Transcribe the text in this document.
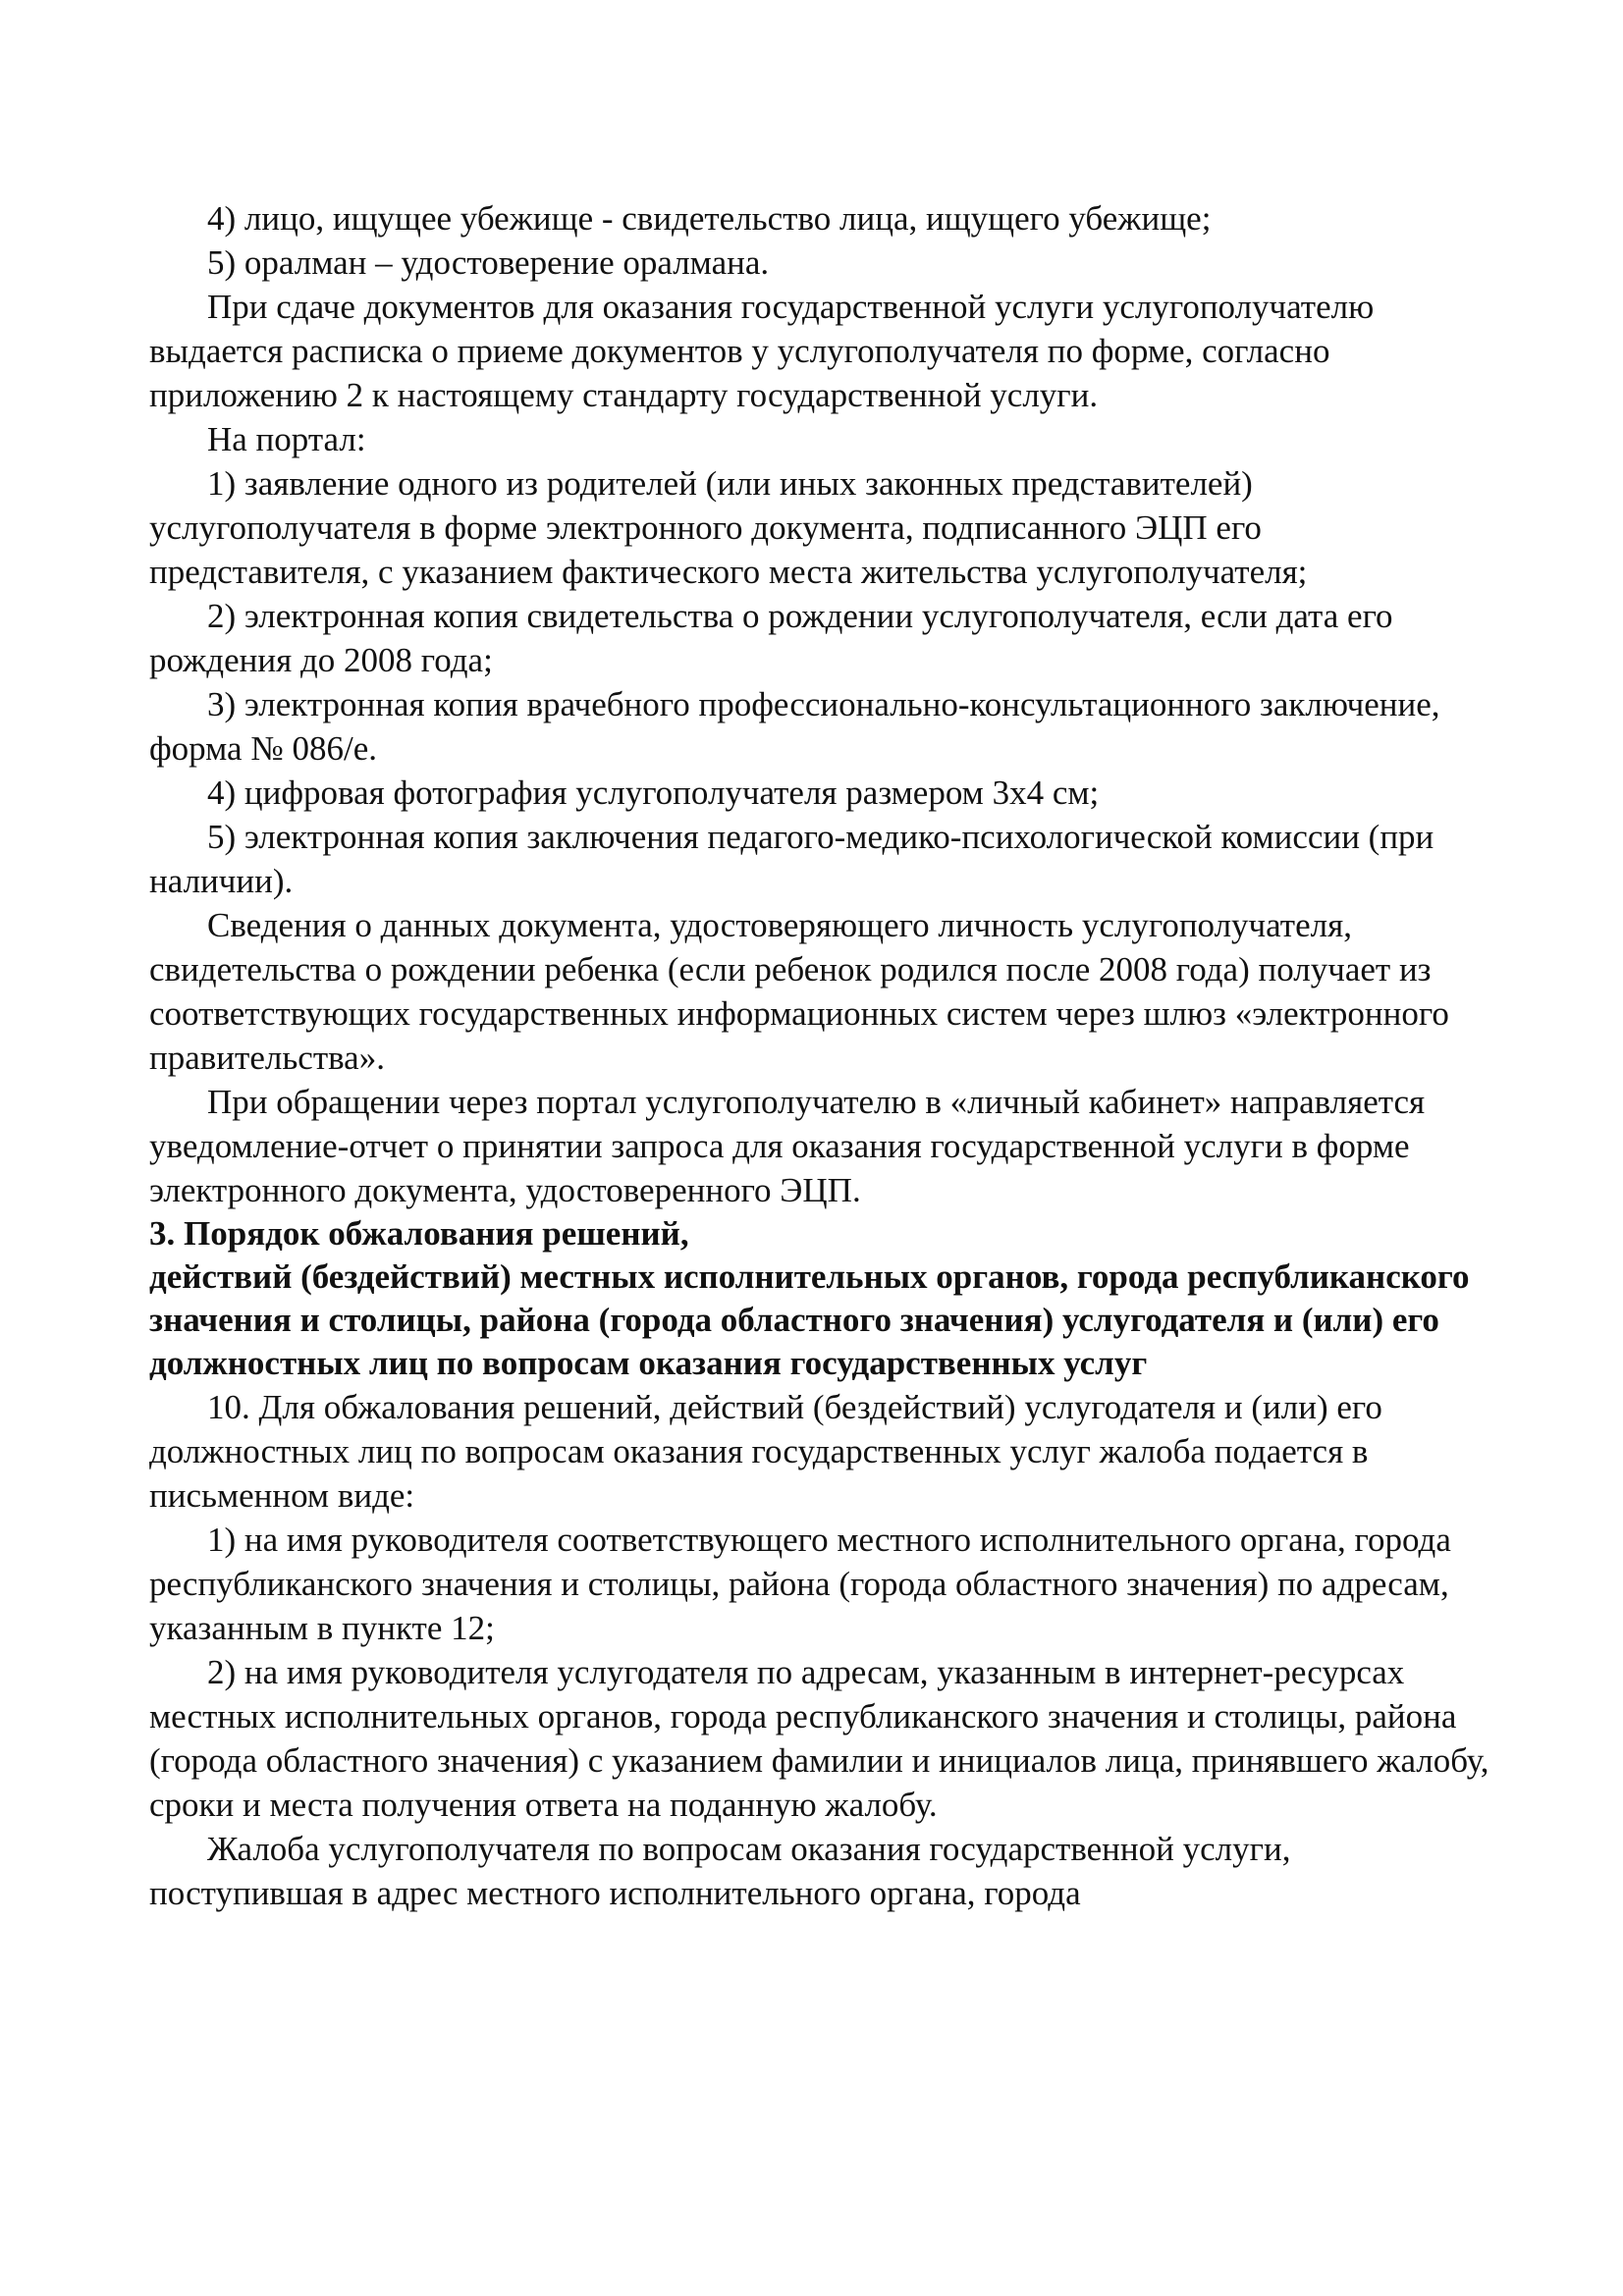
4) лицо, ищущее убежище - свидетельство лица, ищущего убежище;

5) оралман – удостоверение оралмана.

При сдаче документов для оказания государственной услуги услугополучателю выдается расписка о приеме документов у услугополучателя по форме, согласно приложению 2 к настоящему стандарту государственной услуги.

На портал:

1) заявление одного из родителей (или иных законных представителей) услугополучателя в форме электронного документа, подписанного ЭЦП его представителя, с указанием фактического места жительства услугополучателя;

2) электронная копия свидетельства о рождении услугополучателя, если дата его рождения до 2008 года;

3) электронная копия врачебного профессионально-консультационного заключение, форма № 086/е.

4) цифровая фотография услугополучателя размером 3x4 см;

5) электронная копия заключения педагого-медико-психологической комиссии (при наличии).

Сведения о данных документа, удостоверяющего личность услугополучателя, свидетельства о рождении ребенка (если ребенок родился после 2008 года) получает из соответствующих государственных информационных систем через шлюз «электронного правительства».

При обращении через портал услугополучателю в «личный кабинет» направляется уведомление-отчет о принятии запроса для оказания государственной услуги в форме электронного документа, удостоверенного ЭЦП.

3. Порядок обжалования решений,

действий (бездействий) местных исполнительных органов, города республиканского значения и столицы, района (города областного значения) услугодателя и (или) его должностных лиц по вопросам оказания государственных услуг

10. Для обжалования решений, действий (бездействий) услугодателя и (или) его должностных лиц по вопросам оказания государственных услуг жалоба подается в письменном виде:

1) на имя руководителя соответствующего местного исполнительного органа, города республиканского значения и столицы, района (города областного значения) по адресам, указанным в пункте 12;

2) на имя руководителя услугодателя по адресам, указанным в интернет-ресурсах местных исполнительных органов, города республиканского значения и столицы, района (города областного значения) с указанием фамилии и инициалов лица, принявшего жалобу, сроки и места получения ответа на поданную жалобу.

Жалоба услугополучателя по вопросам оказания государственной услуги, поступившая в адрес местного исполнительного органа, города
